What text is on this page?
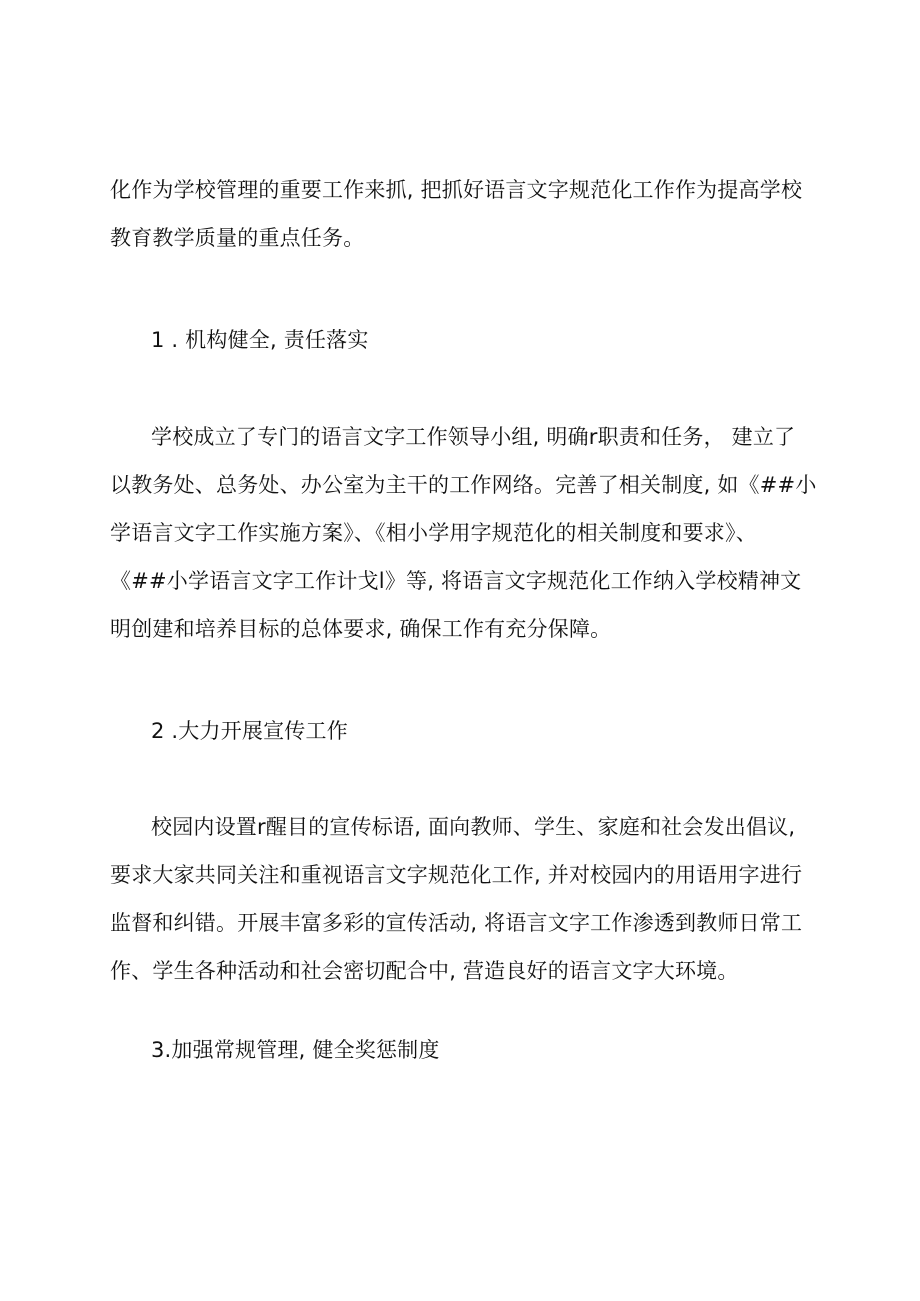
化作为学校管理的重要工作来抓, 把抓好语言文字规范化工作作为提高学校
教育教学质量的重点任务。
1 . 机构健全, 责任落实
学校成立了专门的语言文字工作领导小组, 明确r职责和任务， 建立了
以教务处、总务处、办公室为主干的工作网络。完善了相关制度, 如《##小
学语言文字工作实施方案》、《相小学用字规范化的相关制度和要求》、
《##小学语言文字工作计戈l》等, 将语言文字规范化工作纳入学校精神文
明创建和培养目标的总体要求, 确保工作有充分保障。
2 .大力开展宣传工作
校园内设置r醒目的宣传标语, 面向教师、学生、家庭和社会发出倡议,
要求大家共同关注和重视语言文字规范化工作, 并对校园内的用语用字进行
监督和纠错。开展丰富多彩的宣传活动, 将语言文字工作渗透到教师日常工
作、学生各种活动和社会密切配合中, 营造良好的语言文字大环境。
3.加强常规管理, 健全奖惩制度
